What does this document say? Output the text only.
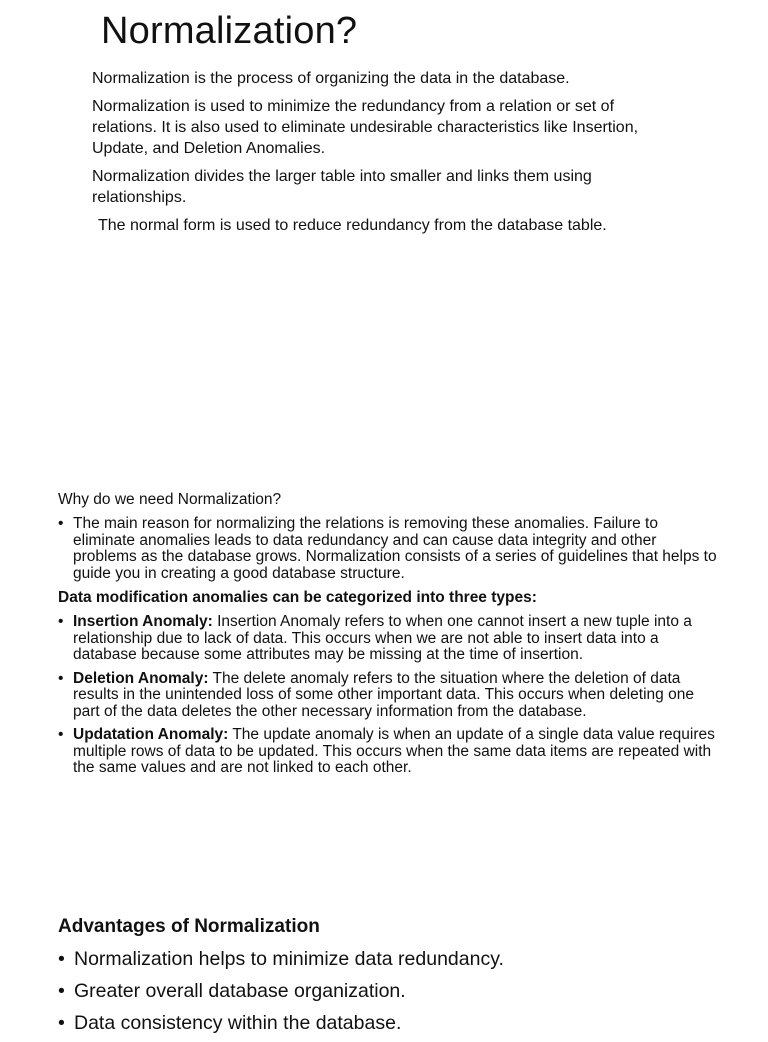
Normalization?

Normalization is the process of organizing the data in the database.

Normalization is used to minimize the redundancy from a relation or set of relations. It is also used to eliminate undesirable characteristics like Insertion, Update, and Deletion Anomalies.

Normalization divides the larger table into smaller and links them using relationships.

The normal form is used to reduce redundancy from the database table.

Why do we need Normalization?

• The main reason for normalizing the relations is removing these anomalies. Failure to eliminate anomalies leads to data redundancy and can cause data integrity and other problems as the database grows. Normalization consists of a series of guidelines that helps to guide you in creating a good database structure.

Data modification anomalies can be categorized into three types:

• Insertion Anomaly: Insertion Anomaly refers to when one cannot insert a new tuple into a relationship due to lack of data. This occurs when we are not able to insert data into a database because some attributes may be missing at the time of insertion.
• Deletion Anomaly: The delete anomaly refers to the situation where the deletion of data results in the unintended loss of some other important data. This occurs when deleting one part of the data deletes the other necessary information from the database.
• Updatation Anomaly: The update anomaly is when an update of a single data value requires multiple rows of data to be updated. This occurs when the same data items are repeated with the same values and are not linked to each other.

Advantages of Normalization

• Normalization helps to minimize data redundancy.
• Greater overall database organization.
• Data consistency within the database.
